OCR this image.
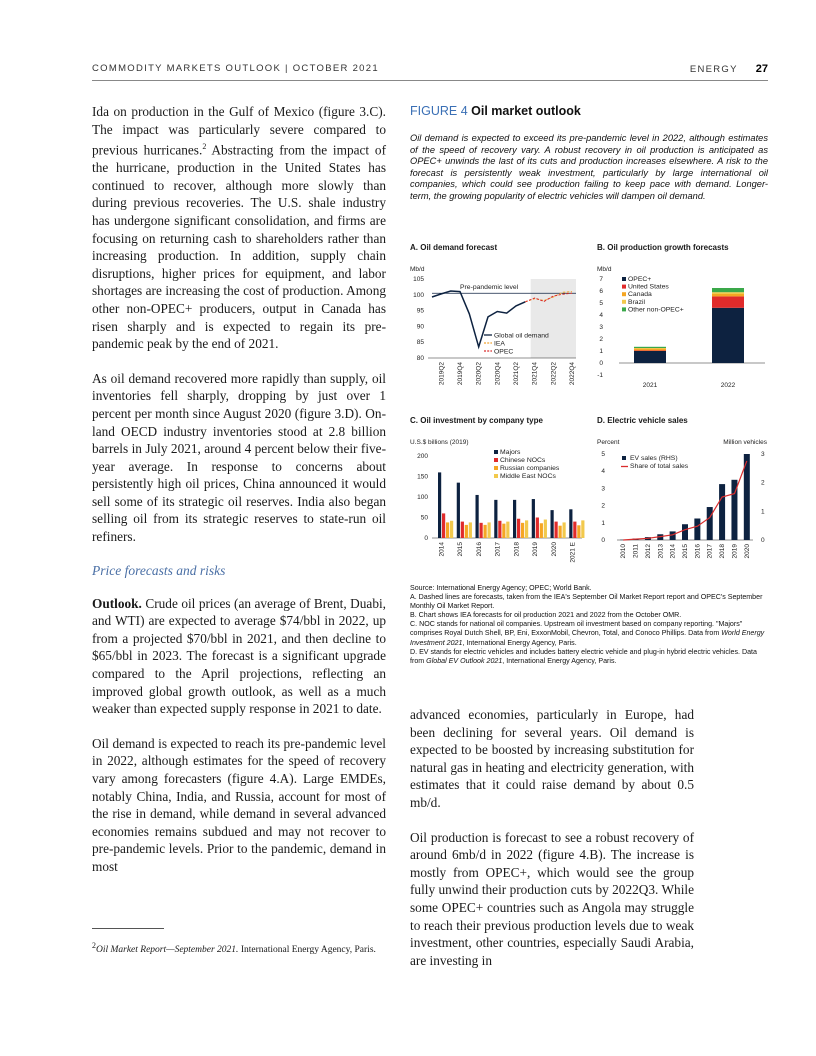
COMMODITY MARKETS OUTLOOK | OCTOBER 2021	ENERGY 27

Ida on production in the Gulf of Mexico (figure 3.C). The impact was particularly severe compared to previous hurricanes.$^2$ Abstracting from the impact of the hurricane, production in the United States has continued to recover, although more slowly than during previous recoveries. The U.S. shale industry has undergone significant consolidation, and firms are focusing on returning cash to shareholders rather than increasing production. In addition, supply chain disruptions, higher prices for equipment, and labor shortages are increasing the cost of production. Among other non-OPEC+ producers, output in Canada has risen sharply and is expected to regain its pre-pandemic peak by the end of 2021.

As oil demand recovered more rapidly than supply, oil inventories fell sharply, dropping by just over 1 percent per month since August 2020 (figure 3.D). On-land OECD industry inventories stood at 2.8 billion barrels in July 2021, around 4 percent below their five-year average. In response to concerns about persistently high oil prices, China announced it would sell some of its strategic oil reserves. India also began selling oil from its strategic reserves to state-run oil refiners.

Price forecasts and risks

Outlook. Crude oil prices (an average of Brent, Duabi, and WTI) are expected to average $74/bbl in 2022, up from a projected $70/bbl in 2021, and then decline to $65/bbl in 2023. The forecast is a significant upgrade compared to the April projections, reflecting an improved global growth outlook, as well as a much weaker than expected supply response in 2021 to date.

Oil demand is expected to reach its pre-pandemic level in 2022, although estimates for the speed of recovery vary among forecasters (figure 4.A). Large EMDEs, notably China, India, and Russia, account for most of the rise in demand, while demand in several advanced economies remains subdued and may not recover to pre-pandemic levels. Prior to the pandemic, demand in most

$^2$Oil Market Report—September 2021. International Energy Agency, Paris.
FIGURE 4 Oil market outlook
Oil demand is expected to exceed its pre-pandemic level in 2022, although estimates of the speed of recovery vary. A robust recovery in oil production is anticipated as OPEC+ unwinds the last of its cuts and production increases elsewhere. A risk to the forecast is persistently weak investment, particularly by large international oil companies, which could see production failing to keep pace with demand. Longer-term, the growing popularity of electric vehicles will dampen oil demand.
A. Oil demand forecast
Mb/d
80
85
90
95
100
105
Pre-pandemic level
Global oil demand
IEA
OPEC
2019Q2 2019Q4 2020Q2 2020Q4 2021Q2 2021Q4 2022Q2 2022Q4
B. Oil production growth forecasts
Mb/d
-1
0
1
2
3
4
5
6
7
2021	2022
OPEC+
United States
Canada
Brazil
Other non-OPEC+
C. Oil investment by company type
U.S.$ billions (2019)
0
50
100
150
200
2014 2015 2016 2017 2018 2019 2020 2021 E
Majors
Chinese NOCs
Russian companies
Middle East NOCs
D. Electric vehicle sales
Percent	Million vehicles
0
1
2
3
4
5
0
1
2
3
2010 2011 2012 2013 2014 2015 2016 2017 2018 2019 2020
EV sales (RHS)
Share of total sales
Source: International Energy Agency; OPEC; World Bank.
A. Dashed lines are forecasts, taken from the IEA's September Oil Market Report report and OPEC's September Monthly Oil Market Report.
B. Chart shows IEA forecasts for oil production 2021 and 2022 from the October OMR.
C. NOC stands for national oil companies. Upstream oil investment based on company reporting. "Majors" comprises Royal Dutch Shell, BP, Eni, ExxonMobil, Chevron, Total, and Conoco Phillips. Data from World Energy Investment 2021, International Energy Agency, Paris.
D. EV stands for electric vehicles and includes battery electric vehicle and plug-in hybrid electric vehicles. Data from Global EV Outlook 2021, International Energy Agency, Paris.

advanced economies, particularly in Europe, had been declining for several years. Oil demand is expected to be boosted by increasing substitution for natural gas in heating and electricity generation, with estimates that it could raise demand by about 0.5 mb/d.

Oil production is forecast to see a robust recovery of around 6mb/d in 2022 (figure 4.B). The increase is mostly from OPEC+, which would see the group fully unwind their production cuts by 2022Q3. While some OPEC+ countries such as Angola may struggle to reach their previous production levels due to weak investment, other countries, especially Saudi Arabia, are investing in
